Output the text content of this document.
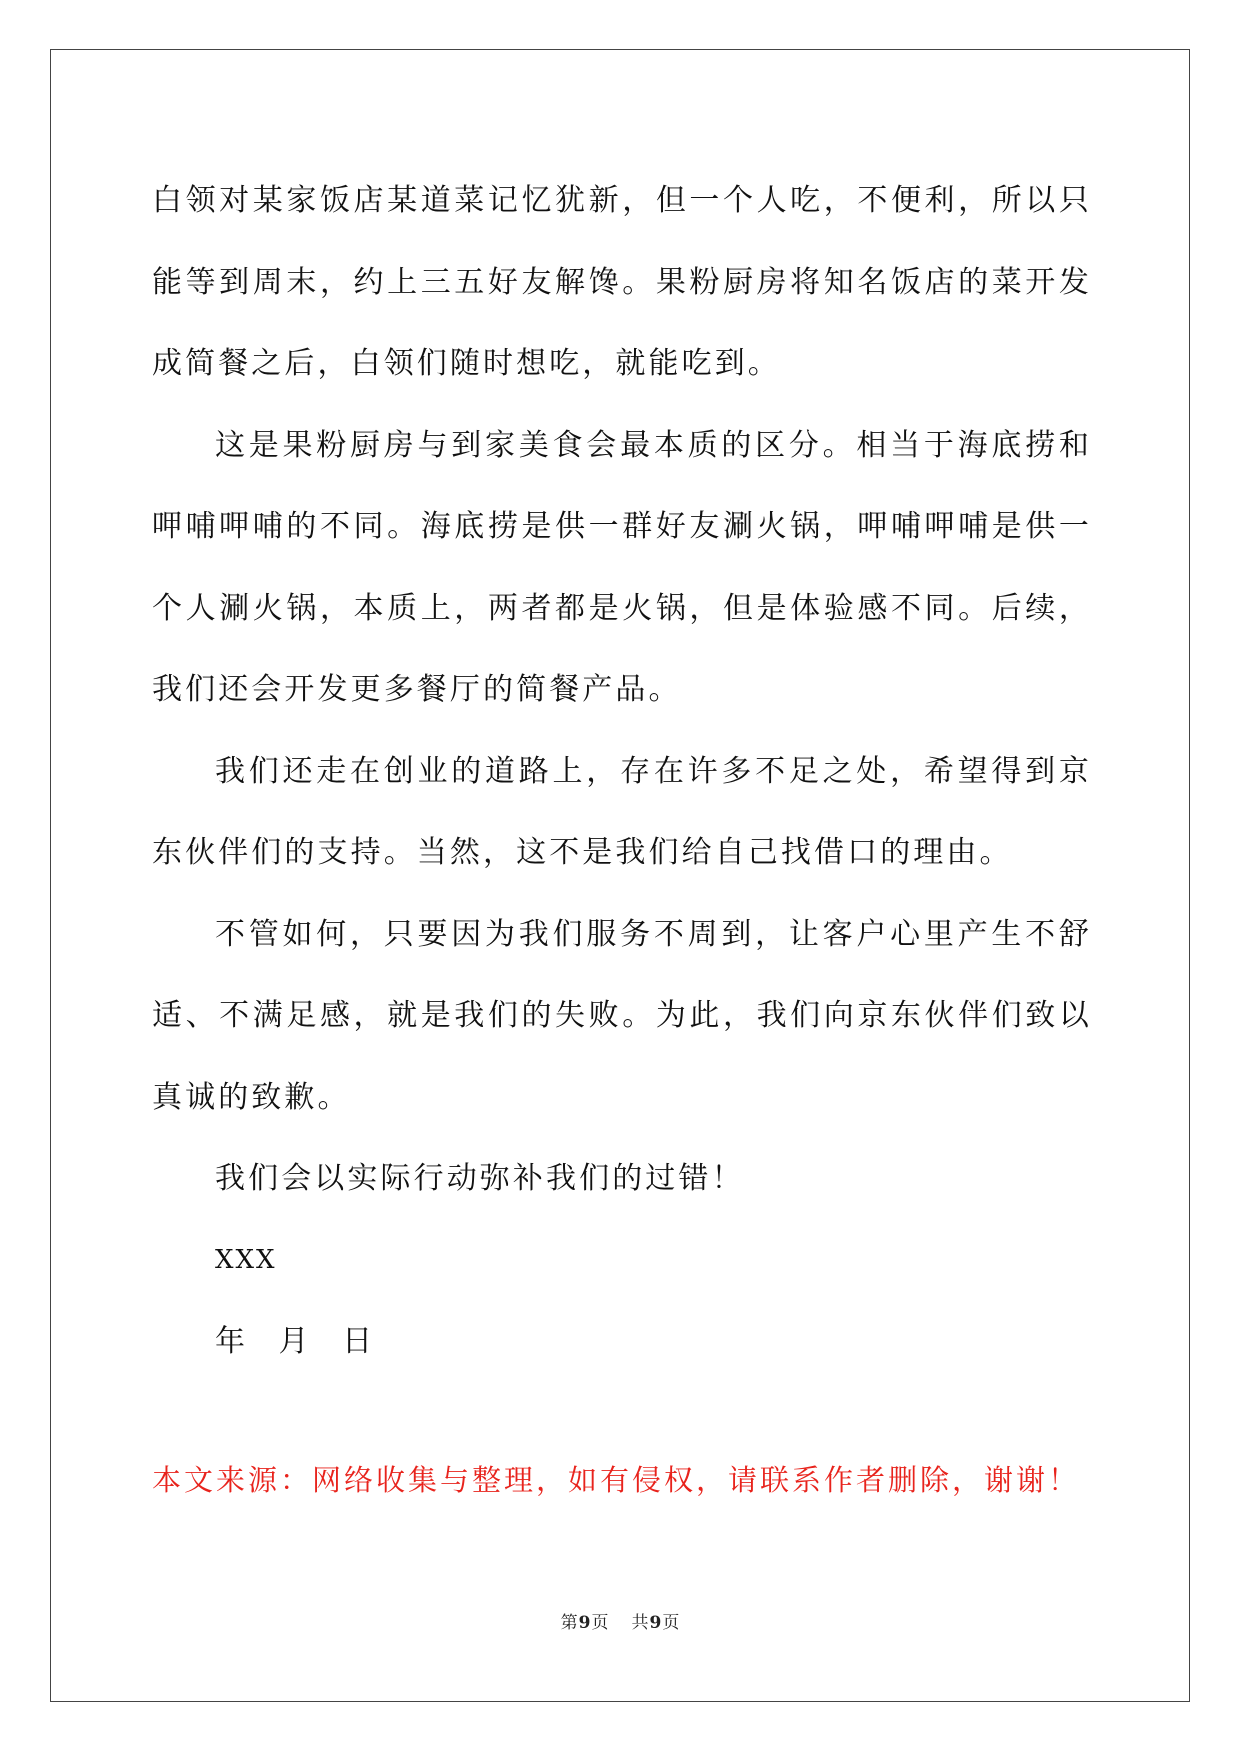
白领对某家饭店某道菜记忆犹新，但一个人吃，不便利，所以只能等到周末，约上三五好友解馋。果粉厨房将知名饭店的菜开发成简餐之后，白领们随时想吃，就能吃到。

这是果粉厨房与到家美食会最本质的区分。相当于海底捞和呷哺呷哺的不同。海底捞是供一群好友涮火锅，呷哺呷哺是供一个人涮火锅，本质上，两者都是火锅，但是体验感不同。后续，我们还会开发更多餐厅的简餐产品。

我们还走在创业的道路上，存在许多不足之处，希望得到京东伙伴们的支持。当然，这不是我们给自己找借口的理由。

不管如何，只要因为我们服务不周到，让客户心里产生不舒适、不满足感，就是我们的失败。为此，我们向京东伙伴们致以真诚的致歉。

我们会以实际行动弥补我们的过错！

XXX

年 月 日

本文来源：网络收集与整理，如有侵权，请联系作者删除，谢谢！

第9页 共9页
